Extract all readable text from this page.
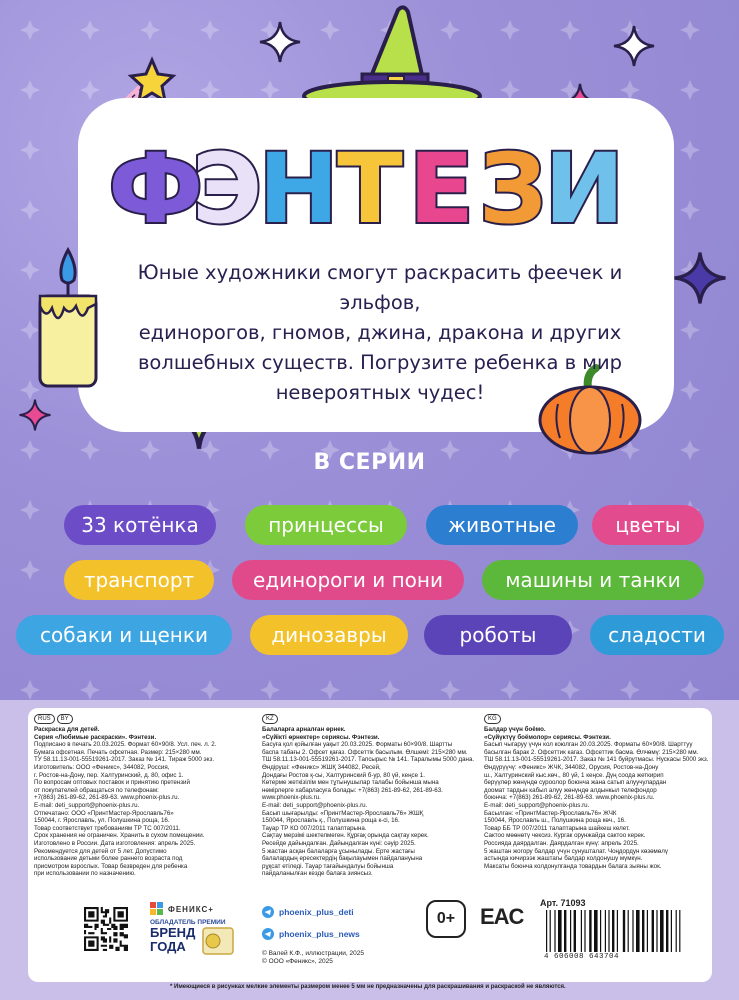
Ф
Э
Н
Т Е З
И
Юные художники смогут раскрасить феечек и эльфов,
единорогов, гномов, джина, дракона и других
волшебных существ. Погрузите ребенка в мир
невероятных чудес!
В СЕРИИ
33 котёнка	принцессы	животные	цветы
транспорт	единороги и пони	машины и танки
собаки и щенки	динозавры	роботы	сладости
RUS BY

Раскраска для детей.

Серия «Любимые раскраски». Фэнтези.

Подписано в печать 20.03.2025. Формат 60×90/8. Усл. печ. л. 2.

Бумага офсетная. Печать офсетная. Размер: 215×280 мм.

ТУ 58.11.13-001-55519261-2017. Заказ № 141. Тираж 5000 экз.

Изготовитель: ООО «Феникс», 344082, Россия,

г. Ростов-на-Дону, пер. Халтуринский, д. 80, офис 1.

По вопросам оптовых поставок и принятию претензий

от покупателей обращаться по телефонам:

+7(863) 261-89-62, 261-89-63. www.phoenix-plus.ru.

E-mail: deti_support@phoenix-plus.ru.

Отпечатано: ООО «ПринтМастер-Ярославль76»

150044, г. Ярославль, ул. Полушкина роща, 16.

Товар соответствует требованиям ТР ТС 007/2011.

Срок хранения не ограничен. Хранить в сухом помещении.

Изготовлено в России. Дата изготовления: апрель 2025.

Рекомендуется для детей от 5 лет. Допустимо

использование детьми более раннего возраста под

присмотром взрослых. Товар безвреден для ребенка

при использовании по назначению.

KZ

Балаларға арналған өрнек.

«Сүйікті өрнектер» сериясы. Фэнтези.

Басуға қол қойылған уақыт 20.03.2025. Форматы 60×90/8. Шартты

баспа табағы 2. Офсет қағаз. Офсеттік басылым. Өлшемі: 215×280 мм.

ТШ 58.11.13-001-55519261-2017. Тапсырыс № 141. Таралымы 5000 дана.

Өндіруші: «Феникс» ЖШҚ 344082, Ресей,

Дондағы Ростов қ-сы, Халтуринский б-ур, 80 үй, кеңсе 1.

Көтерме жеткізілім мен тұтынушылар талабы бойынша мына

нөмірлерге хабарласуға болады: +7(863) 261-89-62, 261-89-63.

www.phoenix-plus.ru.

E-mail: deti_support@phoenix-plus.ru.

Басып шығарылды: «ПринтМастер-Ярославль76» ЖШҚ

150044, Ярославль қ., Полушкина роща к-сі, 16.

Тауар ТР КО 007/2011 талаптарына.

Сақтау мерзімі шектелмеген. Құрғақ орында сақтау керек.

Ресейде дайындалған. Дайындалған күні: сәуір 2025.

5 жастан асқан балаларға ұсынылады. Ерте жастағы

балалардың ересектердің бақылауымен пайдалануына

рұқсат етіледі. Тауар тағайындалуы бойынша

пайдаланылған кезде балаға зиянсыз.

KG

Балдар үчүн боёмо.

«Сүйүктүү боёмолор» сериясы. Фэнтези.

Басып чыгаруу үчүн кол коюлган 20.03.2025. Форматы 60×90/8. Шарттуу

басылган барак 2. Офсеттик кагаз. Офсеттик басма. Өлчөмү: 215×280 мм.

ТШ 58.11.13-001-55519261-2017. Заказ № 141 буйрутмасы. Нускасы 5000 экз.

Өндүрүүчү: «Феникс» ЖЧК, 344082, Орусия, Ростов-на-Дону

ш., Халтуринский кыс.көч., 80 үй, 1 кеңсе. Дүң соода жеткирип

берүүлөр жөнүндө суроолор боюнча жана сатып алуучулардан

доомат тардын кабыл алуу жөнүндө алдынкыл телефондор

боюнча: +7(863) 261-89-62, 261-89-63. www.phoenix-plus.ru.

E-mail: deti_support@phoenix-plus.ru.

Басылган: «ПринтМастер-Ярославль76» ЖЧК

150044, Ярославль ш., Полушкина роща көч., 16.

Товар ББ ТР 007/2011 талаптарына шайкеш келет.

Сактоо мөөнөтү чексиз. Кургак орунжайда сактоо керек.

Россияда даярдалган. Даярдалган күнү: апрель 2025.

5 жаштан жогору балдар үчүн сунушталат. Чоңдордун көзөмөлү

астында кичирээк жаштагы балдар колдонушу мүмкүн.

Максаты боюнча колдонулганда товардын балага зыяны жок.

ФЕНИКС+
ОБЛАДАТЕЛЬ ПРЕМИИ
БРЕНД
ГОДА
phoenix_plus_deti
phoenix_plus_news
© Валей К.Ф., иллюстрации, 2025
© ООО «Феникс», 2025
0+	EAC
Арт. 71093
4 606008 643704
* Имеющиеся в рисунках мелкие элементы размером менее 5 мм не предназначены для раскрашивания и раскраской не являются.
